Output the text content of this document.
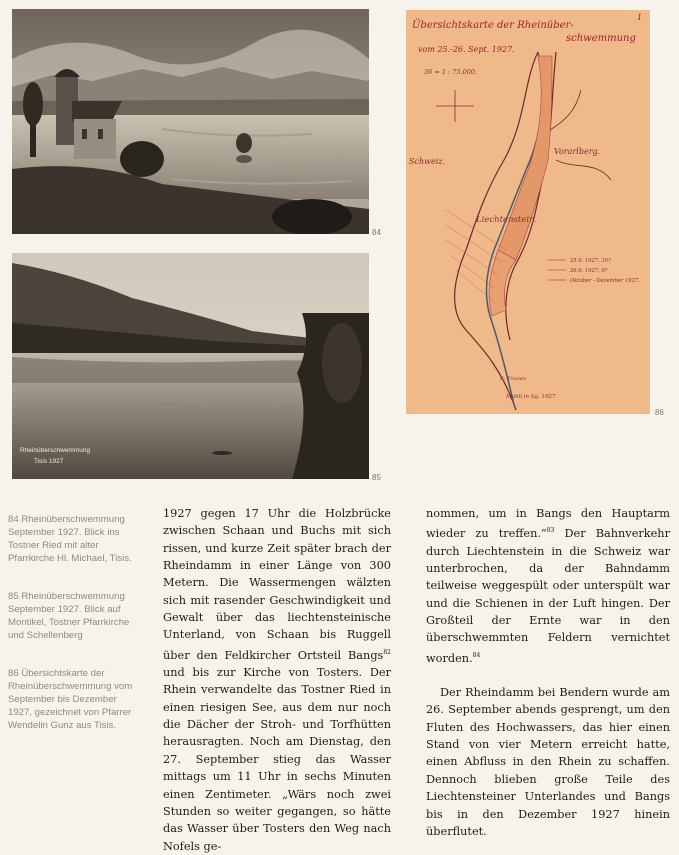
84
Rheinüberschwemmung
Tisis 1927
85
Übersichtskarte der Rheinüber-
schwemmung
vom 25.-26. Sept. 1927.
1
36 = 1 : 75.000.
Vorarlberg.
Schweiz.
Liechtenstein.
25.9. 1927. 30?
26.9. 1927. 9?
Oktober - Dezember 1927.
R. Triesen
Mahli in Sg. 1927
86

84 Rheinüberschwemmung September 1927. Blick ins Tostner Ried mit alter Pfarrkirche Hl. Michael, Tisis.

85 Rheinüberschwemmung September 1927. Blick auf Montikel, Tostner Pfarrkirche und Schellenberg

86 Übersichtskarte der Rheinüberschwemmung vom September bis Dezember 1927, gezeichnet von Pfarrer Wendelin Gunz aus Tisis.

1927 gegen 17 Uhr die Holzbrücke zwischen Schaan und Buchs mit sich rissen, und kurze Zeit später brach der Rheindamm in einer Länge von 300 Metern. Die Wassermengen wälzten sich mit rasender Geschwindigkeit und Gewalt über das liechtensteinische Unterland, von Schaan bis Ruggell über den Feldkircher Ortsteil Bangs$^{82}$ und bis zur Kirche von Tosters. Der Rhein verwandelte das Tostner Ried in einen riesigen See, aus dem nur noch die Dächer der Stroh- und Torfhütten herausragten. Noch am Dienstag, den 27. September stieg das Wasser mittags um 11 Uhr in sechs Minuten einen Zentimeter. „Wärs noch zwei Stunden so weiter gegangen, so hätte das Wasser über Tosters den Weg nach Nofels ge-

nommen, um in Bangs den Hauptarm wieder zu treffen.“$^{83}$ Der Bahnverkehr durch Liechtenstein in die Schweiz war unterbrochen, da der Bahndamm teilweise weggespült oder unterspült war und die Schienen in der Luft hingen. Der Großteil der Ernte war in den überschwemmten Feldern vernichtet worden.$^{84}$

Der Rheindamm bei Bendern wurde am 26. September abends gesprengt, um den Fluten des Hochwassers, das hier einen Stand von vier Metern erreicht hatte, einen Abfluss in den Rhein zu schaffen. Dennoch blieben große Teile des Liechtensteiner Unterlandes und Bangs bis in den Dezember 1927 hinein überflutet.
